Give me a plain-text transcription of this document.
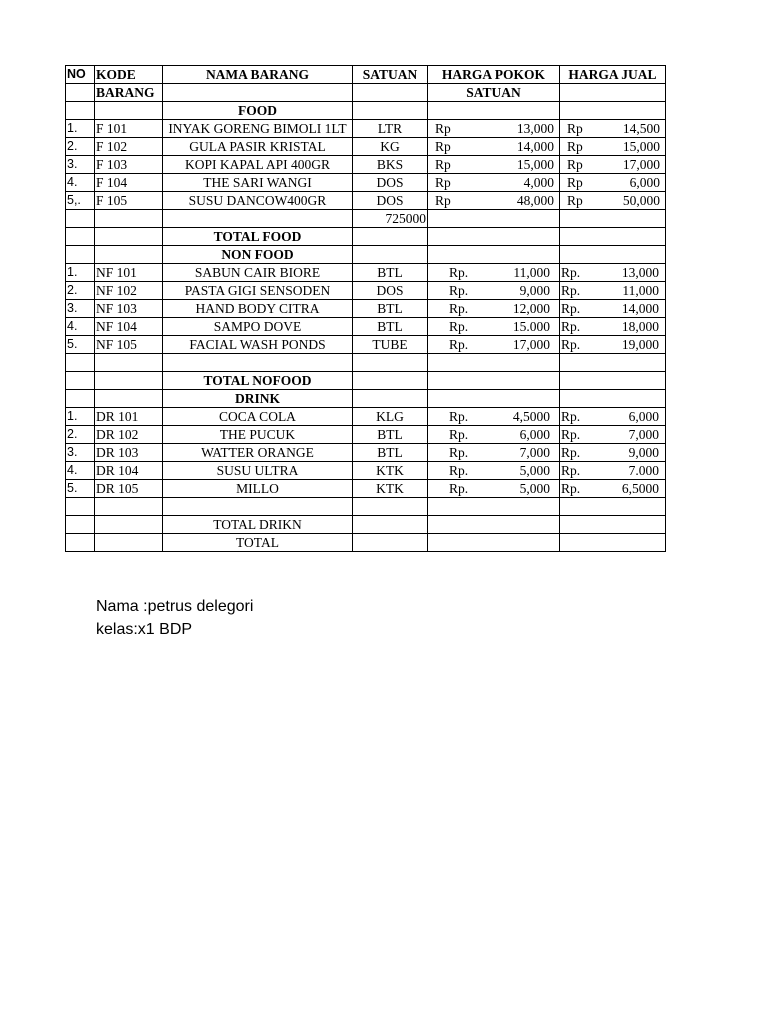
NO	KODE	NAMA BARANG	SATUAN	HARGA POKOK	HARGA JUAL
	BARANG			SATUAN	
		FOOD			
1.	F 101	INYAK GORENG BIMOLI 1LT	LTR	Rp 13,000	Rp 14,500

2.	F 102	GULA PASIR KRISTAL	KG	Rp 14,000	Rp 15,000

3.	F 103	KOPI KAPAL API 400GR	BKS	Rp 15,000	Rp 17,000

4.	F 104	THE SARI WANGI	DOS	Rp 4,000	Rp 6,000

5,.	F 105	SUSU DANCOW400GR	DOS	Rp 48,000	Rp 50,000

			725000		
		TOTAL FOOD			
		NON FOOD			
1.	NF 101	SABUN CAIR BIORE	BTL	Rp. 11,000	Rp. 13,000

2.	NF 102	PASTA GIGI SENSODEN	DOS	Rp. 9,000	Rp. 11,000

3.	NF 103	HAND BODY CITRA	BTL	Rp. 12,000	Rp. 14,000

4.	NF 104	SAMPO DOVE	BTL	Rp. 15.000	Rp. 18,000

5.	NF 105	FACIAL WASH PONDS	TUBE	Rp. 17,000	Rp. 19,000

		TOTAL NOFOOD			
		DRINK			
1.	DR 101	COCA COLA	KLG	Rp. 4,5000	Rp. 6,000

2.	DR 102	THE PUCUK	BTL	Rp. 6,000	Rp. 7,000

3.	DR 103	WATTER ORANGE	BTL	Rp. 7,000	Rp. 9,000

4.	DR 104	SUSU ULTRA	KTK	Rp. 5,000	Rp. 7.000

5.	DR 105	MILLO	KTK	Rp. 5,000	Rp. 6,5000

		TOTAL DRIKN			
		TOTAL			
Nama :petrus delegori
kelas:x1 BDP
